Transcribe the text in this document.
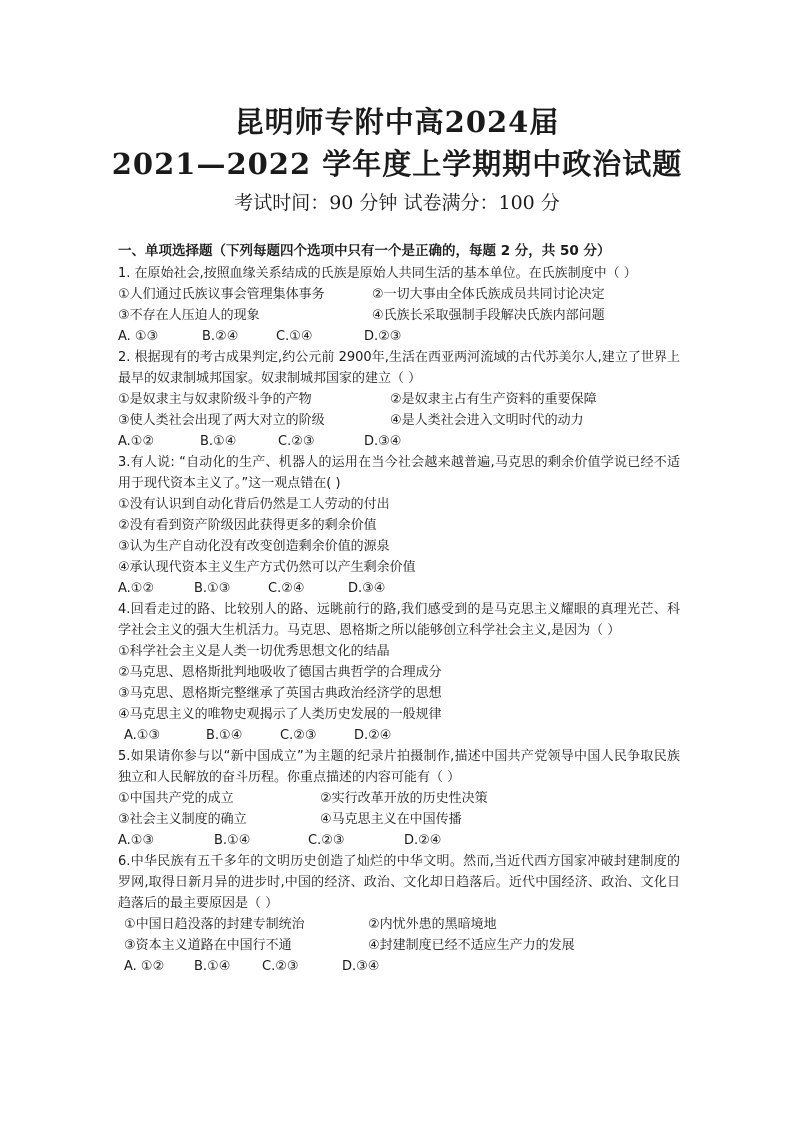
昆明师专附中高2024届
2021—2022 学年度上学期期中政治试题
考试时间：90 分钟 试卷满分：100 分
一、单项选择题（下列每题四个选项中只有一个是正确的，每题 2 分，共 50 分）
1. 在原始社会,按照血缘关系结成的氏族是原始人共同生活的基本单位。在氏族制度中（ ）
①人们通过氏族议事会管理集体事务	②一切大事由全体氏族成员共同讨论决定
③不存在人压迫人的现象	④氏族长采取强制手段解决氏族内部问题
A. ①③	B.②④	C.①④	D.②③
2. 根据现有的考古成果判定,约公元前 2900年,生活在西亚两河流域的古代苏美尔人,建立了世界上最早的奴隶制城邦国家。奴隶制城邦国家的建立（ ）
①是奴隶主与奴隶阶级斗争的产物	②是奴隶主占有生产资料的重要保障
③使人类社会出现了两大对立的阶级	④是人类社会进入文明时代的动力
A.①②	B.①④	C.②③	D.③④
3.有人说: “自动化的生产、机器人的运用在当今社会越来越普遍,马克思的剩余价值学说已经不适用于现代资本主义了。”这一观点错在( )
①没有认识到自动化背后仍然是工人劳动的付出
②没有看到资产阶级因此获得更多的剩余价值
③认为生产自动化没有改变创造剩余价值的源泉
④承认现代资本主义生产方式仍然可以产生剩余价值
A.①②	B.①③	C.②④	D.③④
4.回看走过的路、比较别人的路、远眺前行的路,我们感受到的是马克思主义耀眼的真理光芒、科学社会主义的强大生机活力。马克思、恩格斯之所以能够创立科学社会主义,是因为（ ）
①科学社会主义是人类一切优秀思想文化的结晶
②马克思、恩格斯批判地吸收了德国古典哲学的合理成分
③马克思、恩格斯完整继承了英国古典政治经济学的思想
④马克思主义的唯物史观揭示了人类历史发展的一般规律
A.①③	B.①④	C.②③	D.②④
5.如果请你参与以“新中国成立”为主题的纪录片拍摄制作,描述中国共产党领导中国人民争取民族独立和人民解放的奋斗历程。你重点描述的内容可能有（ ）
①中国共产党的成立	②实行改革开放的历史性决策
③社会主义制度的确立	④马克思主义在中国传播
A.①③	B.①④	C.②③	D.②④
6.中华民族有五千多年的文明历史创造了灿烂的中华文明。然而,当近代西方国家冲破封建制度的罗网,取得日新月异的进步时,中国的经济、政治、文化却日趋落后。近代中国经济、政治、文化日趋落后的最主要原因是（ ）
①中国日趋没落的封建专制统治	②内忧外患的黑暗境地
③资本主义道路在中国行不通	④封建制度已经不适应生产力的发展
A. ①②	B.①④	C.②③	D.③④
